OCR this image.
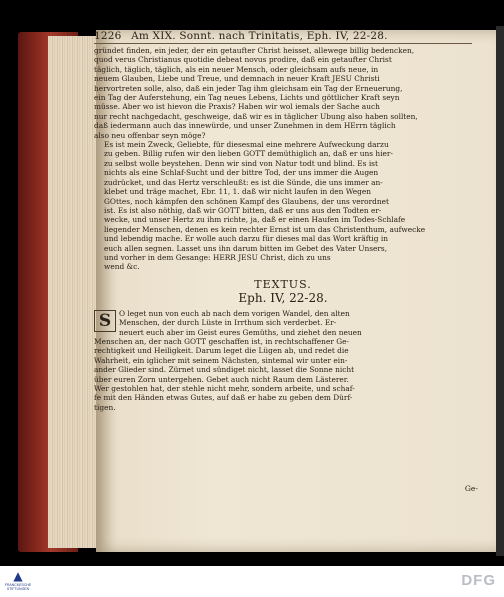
1226 Am XIX. Sonnt. nach Trinitatis, Eph. IV, 22-28.

gründet finden, ein jeder, der ein getaufter Christ heisset, allewege billig bedencken,
quod verus Christianus quotidie debeat novus prodire, daß ein getaufter Christ
täglich, täglich, täglich, als ein neuer Mensch, oder gleichsam aufs neue, in
neuem Glauben, Liebe und Treue, und demnach in neuer Kraft JESU Christi
hervortreten solle, also, daß ein jeder Tag ihm gleichsam ein Tag der Erneuerung,
ein Tag der Auferstehung, ein Tag neues Lebens, Lichts und göttlicher Kraft seyn
müsse. Aber wo ist hievon die Praxis? Haben wir wol iemals der Sache auch
nur recht nachgedacht, geschweige, daß wir es in täglicher Ubung also haben sollten,
daß iedermann auch das innewürde, und unser Zunehmen in dem HErrn täglich
also neu offenbar seyn möge?

Es ist mein Zweck, Geliebte, für diesesmal eine mehrere Aufweckung darzu
zu geben. Billig rufen wir den lieben GOTT demüthiglich an, daß er uns hier-
zu selbst wolle beystehen. Denn wir sind von Natur todt und blind. Es ist
nichts als eine Schlaf-Sucht und der bittre Tod, der uns immer die Augen
zudrücket, und das Hertz verschleußt: es ist die Sünde, die uns immer an-
klebet und träge machet, Ebr. 11, 1. daß wir nicht laufen in den Wegen
GOttes, noch kämpfen den schönen Kampf des Glaubens, der uns verordnet
ist. Es ist also nöthig, daß wir GOTT bitten, daß er uns aus den Todten er-
wecke, und unser Hertz zu ihm richte, ja, daß er einen Haufen im Todes-Schlafe
liegender Menschen, denen es kein rechter Ernst ist um das Christenthum, aufwecke
und lebendig mache. Er wolle auch darzu für dieses mal das Wort kräftig in
euch allen segnen. Lasset uns ihn darum bitten im Gebet des Vater Unsers,
und vorher in dem Gesange: HERR JESU Christ, dich zu uns
wend &c.

TEXTUS.
Eph. IV, 22-28.
S	O leget nun von euch ab nach dem vorigen Wandel, den alten
Menschen, der durch Lüste in Irrthum sich verderbet. Er-
neuert euch aber im Geist eures Gemüths, und ziehet den neuen
Menschen an, der nach GOTT geschaffen ist, in rechtschaffener Ge-
rechtigkeit und Heiligkeit. Darum leget die Lügen ab, und redet die
Wahrheit, ein iglicher mit seinem Nächsten, sintemal wir unter ein-
ander Glieder sind. Zürnet und sündiget nicht, lasset die Sonne nicht
über euren Zorn untergehen. Gebet auch nicht Raum dem Lästerer.
Wer gestohlen hat, der stehle nicht mehr, sondern arbeite, und schaf-
fe mit den Händen etwas Gutes, auf daß er habe zu geben dem Dürf-
tigen.
Ge-
▲
FRANCKESCHE STIFTUNGEN	DFG
